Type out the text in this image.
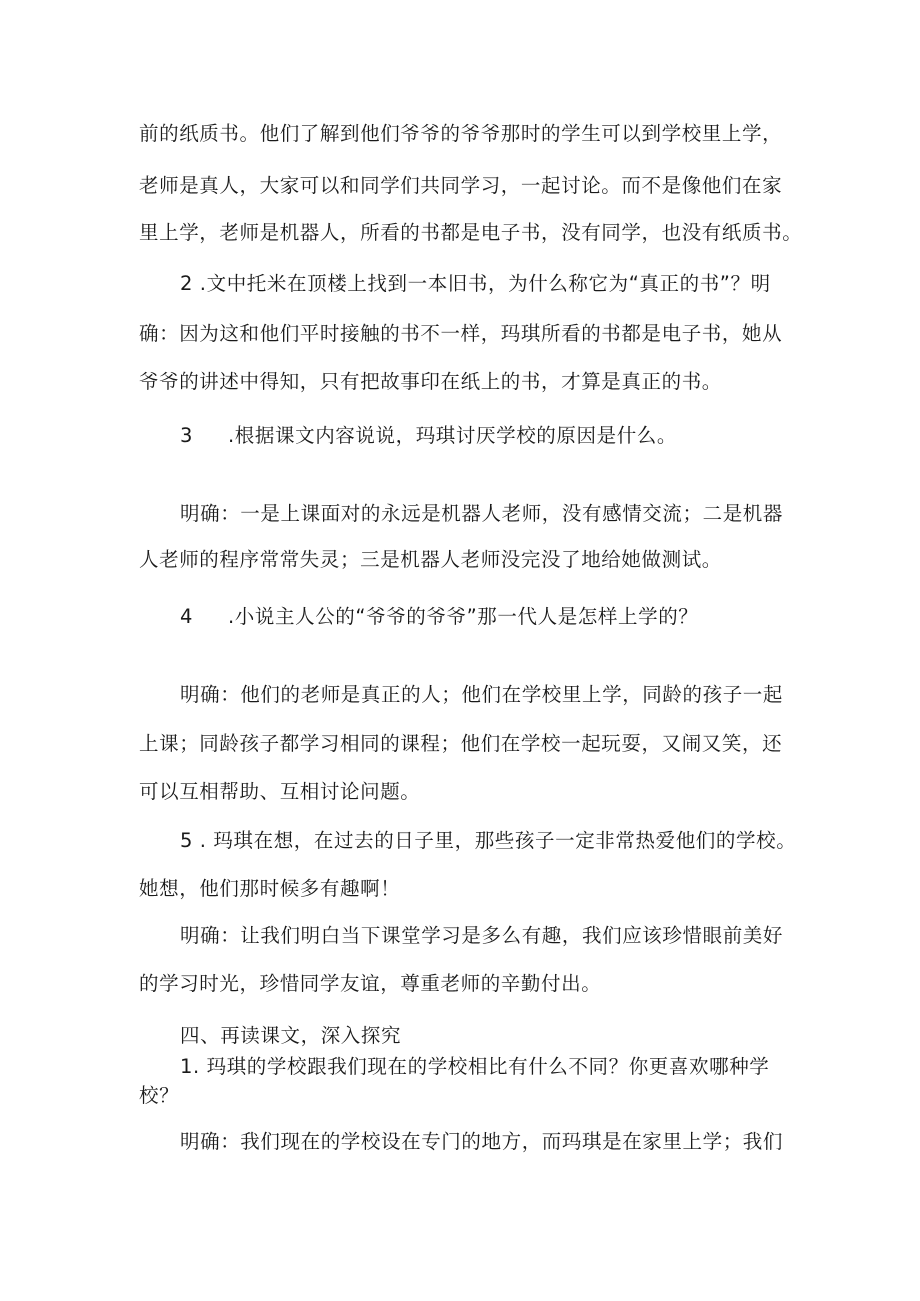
前的纸质书。他们了解到他们爷爷的爷爷那时的学生可以到学校里上学，
老师是真人，大家可以和同学们共同学习，一起讨论。而不是像他们在家
里上学，老师是机器人，所看的书都是电子书，没有同学，也没有纸质书。
2 .文中托米在顶楼上找到一本旧书，为什么称它为“真正的书”？明
确：因为这和他们平时接触的书不一样，玛琪所看的书都是电子书，她从
爷爷的讲述中得知，只有把故事印在纸上的书，才算是真正的书。
3	.根据课文内容说说，玛琪讨厌学校的原因是什么。
明确：一是上课面对的永远是机器人老师，没有感情交流；二是机器
人老师的程序常常失灵；三是机器人老师没完没了地给她做测试。
4	.小说主人公的“爷爷的爷爷”那一代人是怎样上学的？
明确：他们的老师是真正的人；他们在学校里上学，同龄的孩子一起
上课；同龄孩子都学习相同的课程；他们在学校一起玩耍，又闹又笑，还
可以互相帮助、互相讨论问题。
5 . 玛琪在想，在过去的日子里，那些孩子一定非常热爱他们的学校。
她想，他们那时候多有趣啊！
明确：让我们明白当下课堂学习是多么有趣，我们应该珍惜眼前美好
的学习时光，珍惜同学友谊，尊重老师的辛勤付出。
四、再读课文，深入探究
1. 玛琪的学校跟我们现在的学校相比有什么不同？你更喜欢哪种学
校？
明确：我们现在的学校设在专门的地方，而玛琪是在家里上学；我们
